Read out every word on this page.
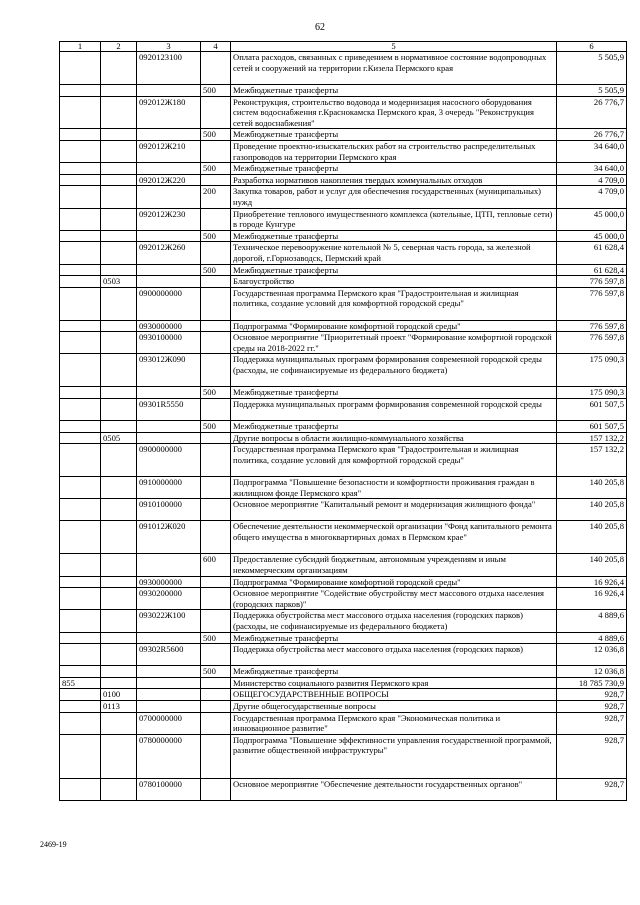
62
1	2	3	4	5	6
		0920123100		Оплата расходов, связанных с приведением в нормативное состояние водопроводных сетей и сооружений на территории г.Кизела Пермского края	5 505,9
			500	Межбюджетные трансферты	5 505,9
		092012Ж180		Реконструкция, строительство водовода и модернизация насосного оборудования систем водоснабжения г.Краснокамска Пермского края, 3 очередь "Реконструкция сетей водоснабжения"	26 776,7
			500	Межбюджетные трансферты	26 776,7
		092012Ж210		Проведение проектно-изыскательских работ на строительство распределительных газопроводов на территории Пермского края	34 640,0
			500	Межбюджетные трансферты	34 640,0
		092012Ж220		Разработка нормативов накопления твердых коммунальных отходов	4 709,0
			200	Закупка товаров, работ и услуг для обеспечения государственных (муниципальных) нужд	4 709,0
		092012Ж230		Приобретение теплового имущественного комплекса (котельные, ЦТП, тепловые сети) в городе Кунгуре	45 000,0
			500	Межбюджетные трансферты	45 000,0
		092012Ж260		Техническое перевооружение котельной № 5, северная часть города, за железной дорогой, г.Горнозаводск, Пермский край	61 628,4
			500	Межбюджетные трансферты	61 628,4
	0503			Благоустройство	776 597,8
		0900000000		Государственная программа Пермского края "Градостроительная и жилищная политика, создание условий для комфортной городской среды"	776 597,8
		0930000000		Подпрограмма "Формирование комфортной городской среды"	776 597,8
		0930100000		Основное мероприятие "Приоритетный проект "Формирование комфортной городской среды на 2018-2022 гг."	776 597,8
		093012Ж090		Поддержка муниципальных программ формирования современной городской среды (расходы, не софинансируемые из федерального бюджета)	175 090,3
			500	Межбюджетные трансферты	175 090,3
		09301R5550		Поддержка муниципальных программ формирования современной городской среды	601 507,5
			500	Межбюджетные трансферты	601 507,5
	0505			Другие вопросы в области жилищно-коммунального хозяйства	157 132,2
		0900000000		Государственная программа Пермского края "Градостроительная и жилищная политика, создание условий для комфортной городской среды"	157 132,2
		0910000000		Подпрограмма "Повышение безопасности и комфортности проживания граждан в жилищном фонде Пермского края"	140 205,8
		0910100000		Основное мероприятие "Капитальный ремонт и модернизация жилищного фонда"	140 205,8
		091012Ж020		Обеспечение деятельности некоммерческой организации "Фонд капитального ремонта общего имущества в многоквартирных домах в Пермском крае"	140 205,8
			600	Предоставление субсидий бюджетным, автономным учреждениям и иным некоммерческим организациям	140 205,8
		0930000000		Подпрограмма "Формирование комфортной городской среды"	16 926,4
		0930200000		Основное мероприятие "Содействие обустройству мест массового отдыха населения (городских парков)"	16 926,4
		093022Ж100		Поддержка обустройства мест массового отдыха населения (городских парков) (расходы, не софинансируемые из федерального бюджета)	4 889,6
			500	Межбюджетные трансферты	4 889,6
		09302R5600		Поддержка обустройства мест массового отдыха населения (городских парков)	12 036,8
			500	Межбюджетные трансферты	12 036,8
855				Министерство социального развития Пермского края	18 785 730,9
	0100			ОБЩЕГОСУДАРСТВЕННЫЕ ВОПРОСЫ	928,7
	0113			Другие общегосударственные вопросы	928,7
		0700000000		Государственная программа Пермского края "Экономическая политика и инновационное развитие"	928,7
		0780000000		Подпрограмма "Повышение эффективности управления государственной программой, развитие общественной инфраструктуры"	928,7
		0780100000		Основное мероприятие "Обеспечение деятельности государственных органов"	928,7
2469-19
